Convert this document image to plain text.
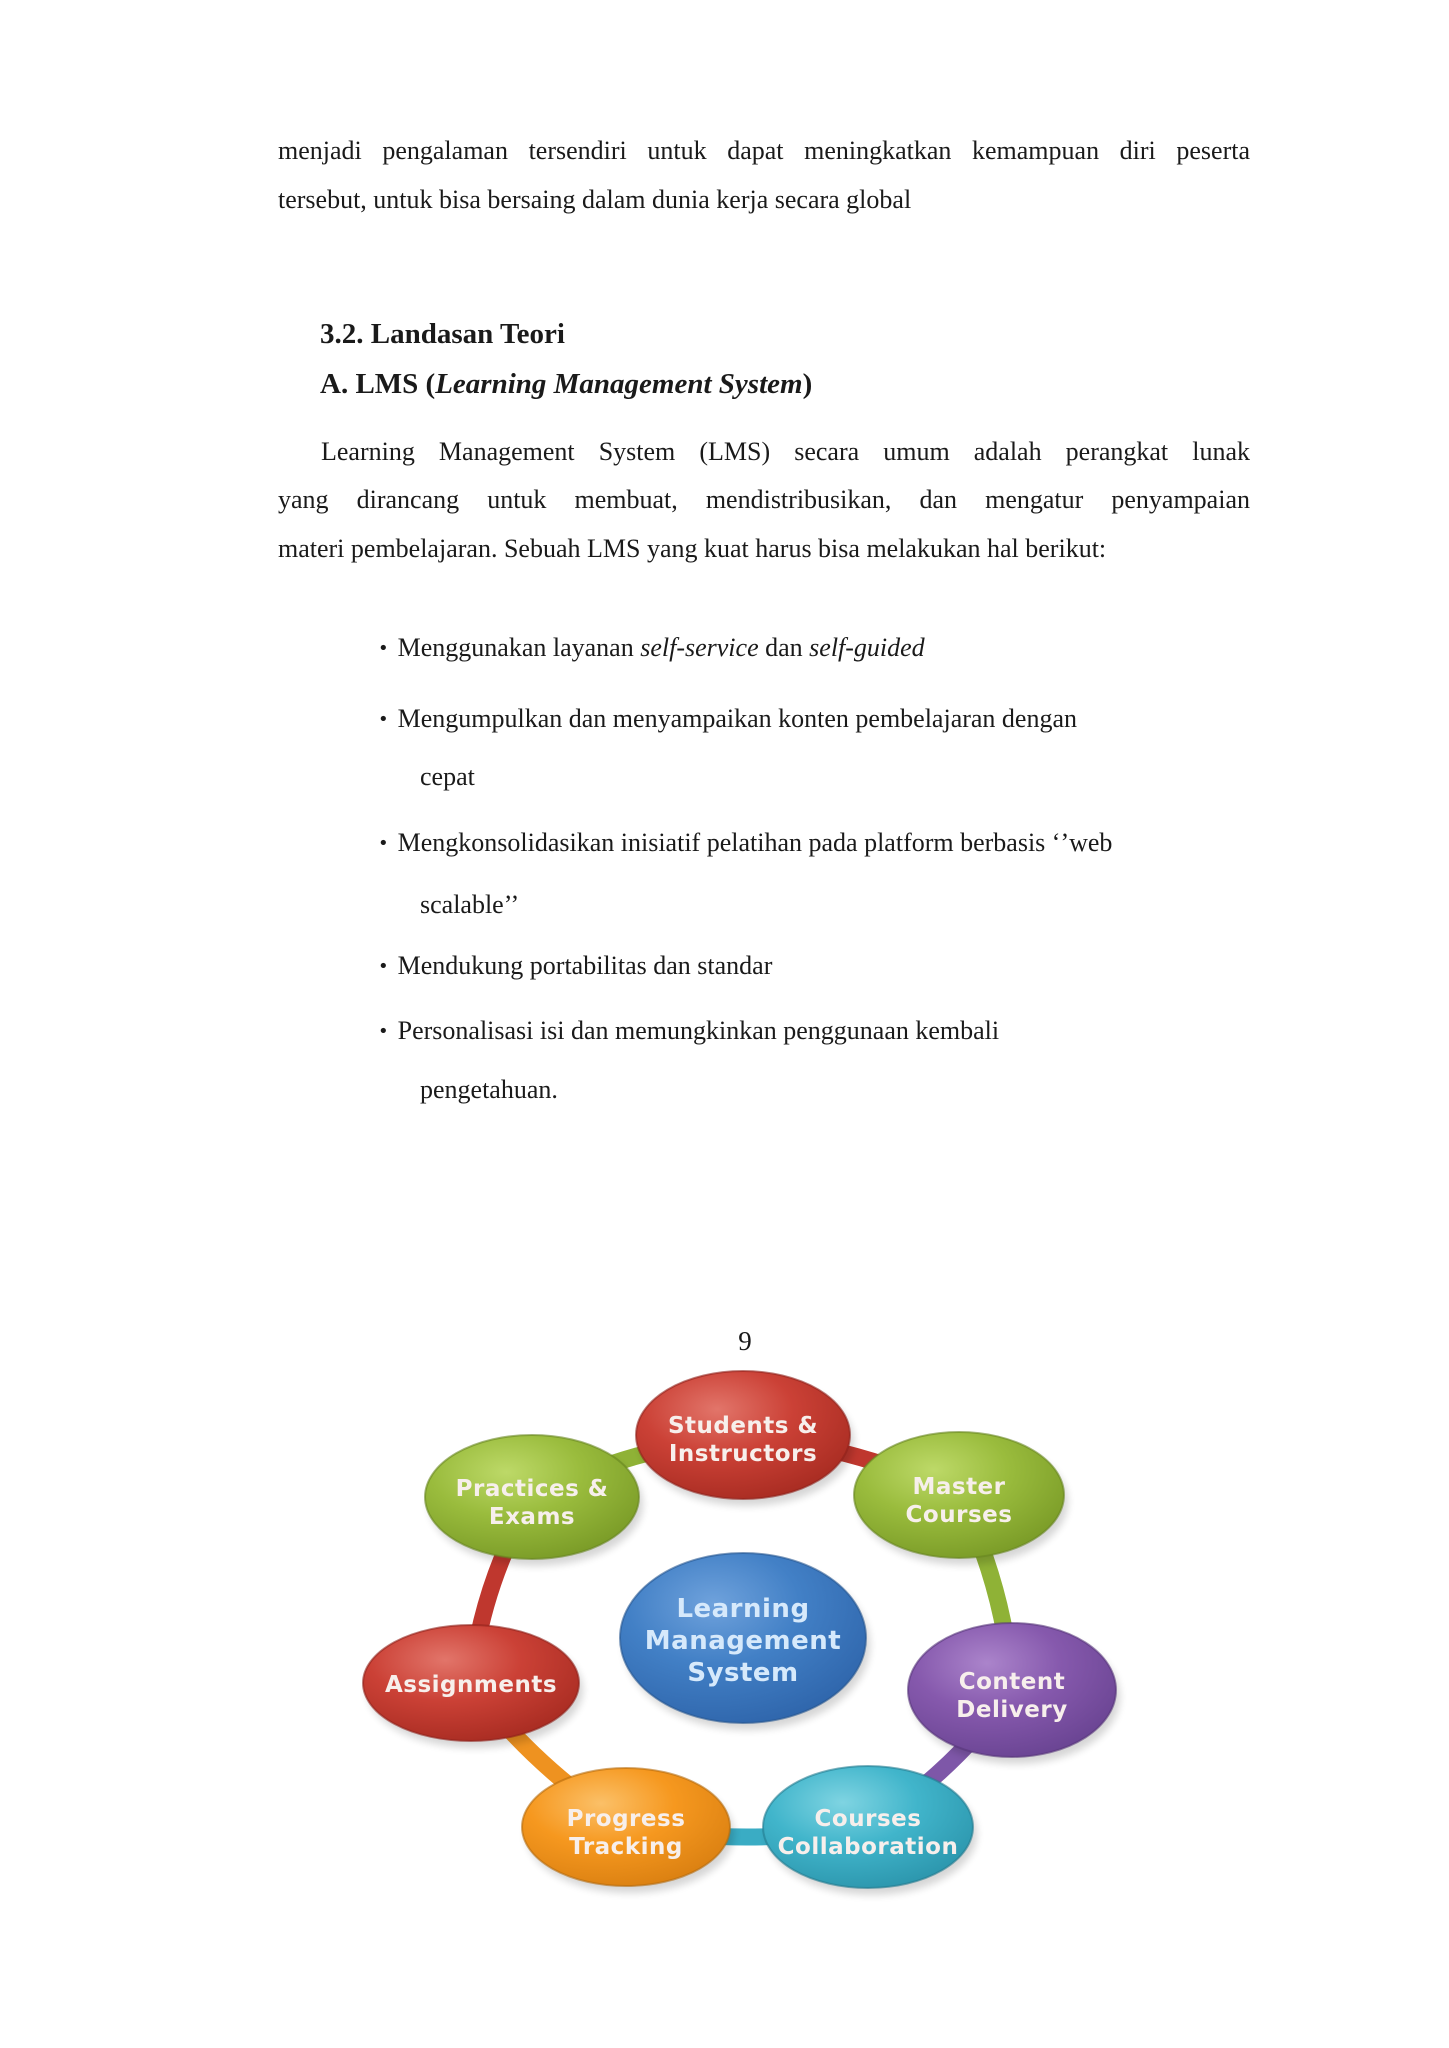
menjadi pengalaman tersendiri untuk dapat meningkatkan kemampuan diri peserta
tersebut, untuk bisa bersaing dalam dunia kerja secara global
3.2. Landasan Teori
A. LMS (Learning Management System)
Learning Management System (LMS) secara umum adalah perangkat lunak
yang dirancang untuk membuat, mendistribusikan, dan mengatur penyampaian
materi pembelajaran. Sebuah LMS yang kuat harus bisa melakukan hal berikut:
• Menggunakan layanan self-service dan self-guided
• Mengumpulkan dan menyampaikan konten pembelajaran dengan
cepat
• Mengkonsolidasikan inisiatif pelatihan pada platform berbasis ‘’web
scalable’’
• Mendukung portabilitas dan standar
• Personalisasi isi dan memungkinkan penggunaan kembali
pengetahuan.
9
Students &
Instructors
Practices &
Exams
Master
Courses
Learning
Management
System
Assignments	Content
Delivery
Progress
Tracking
Courses
Collaboration
